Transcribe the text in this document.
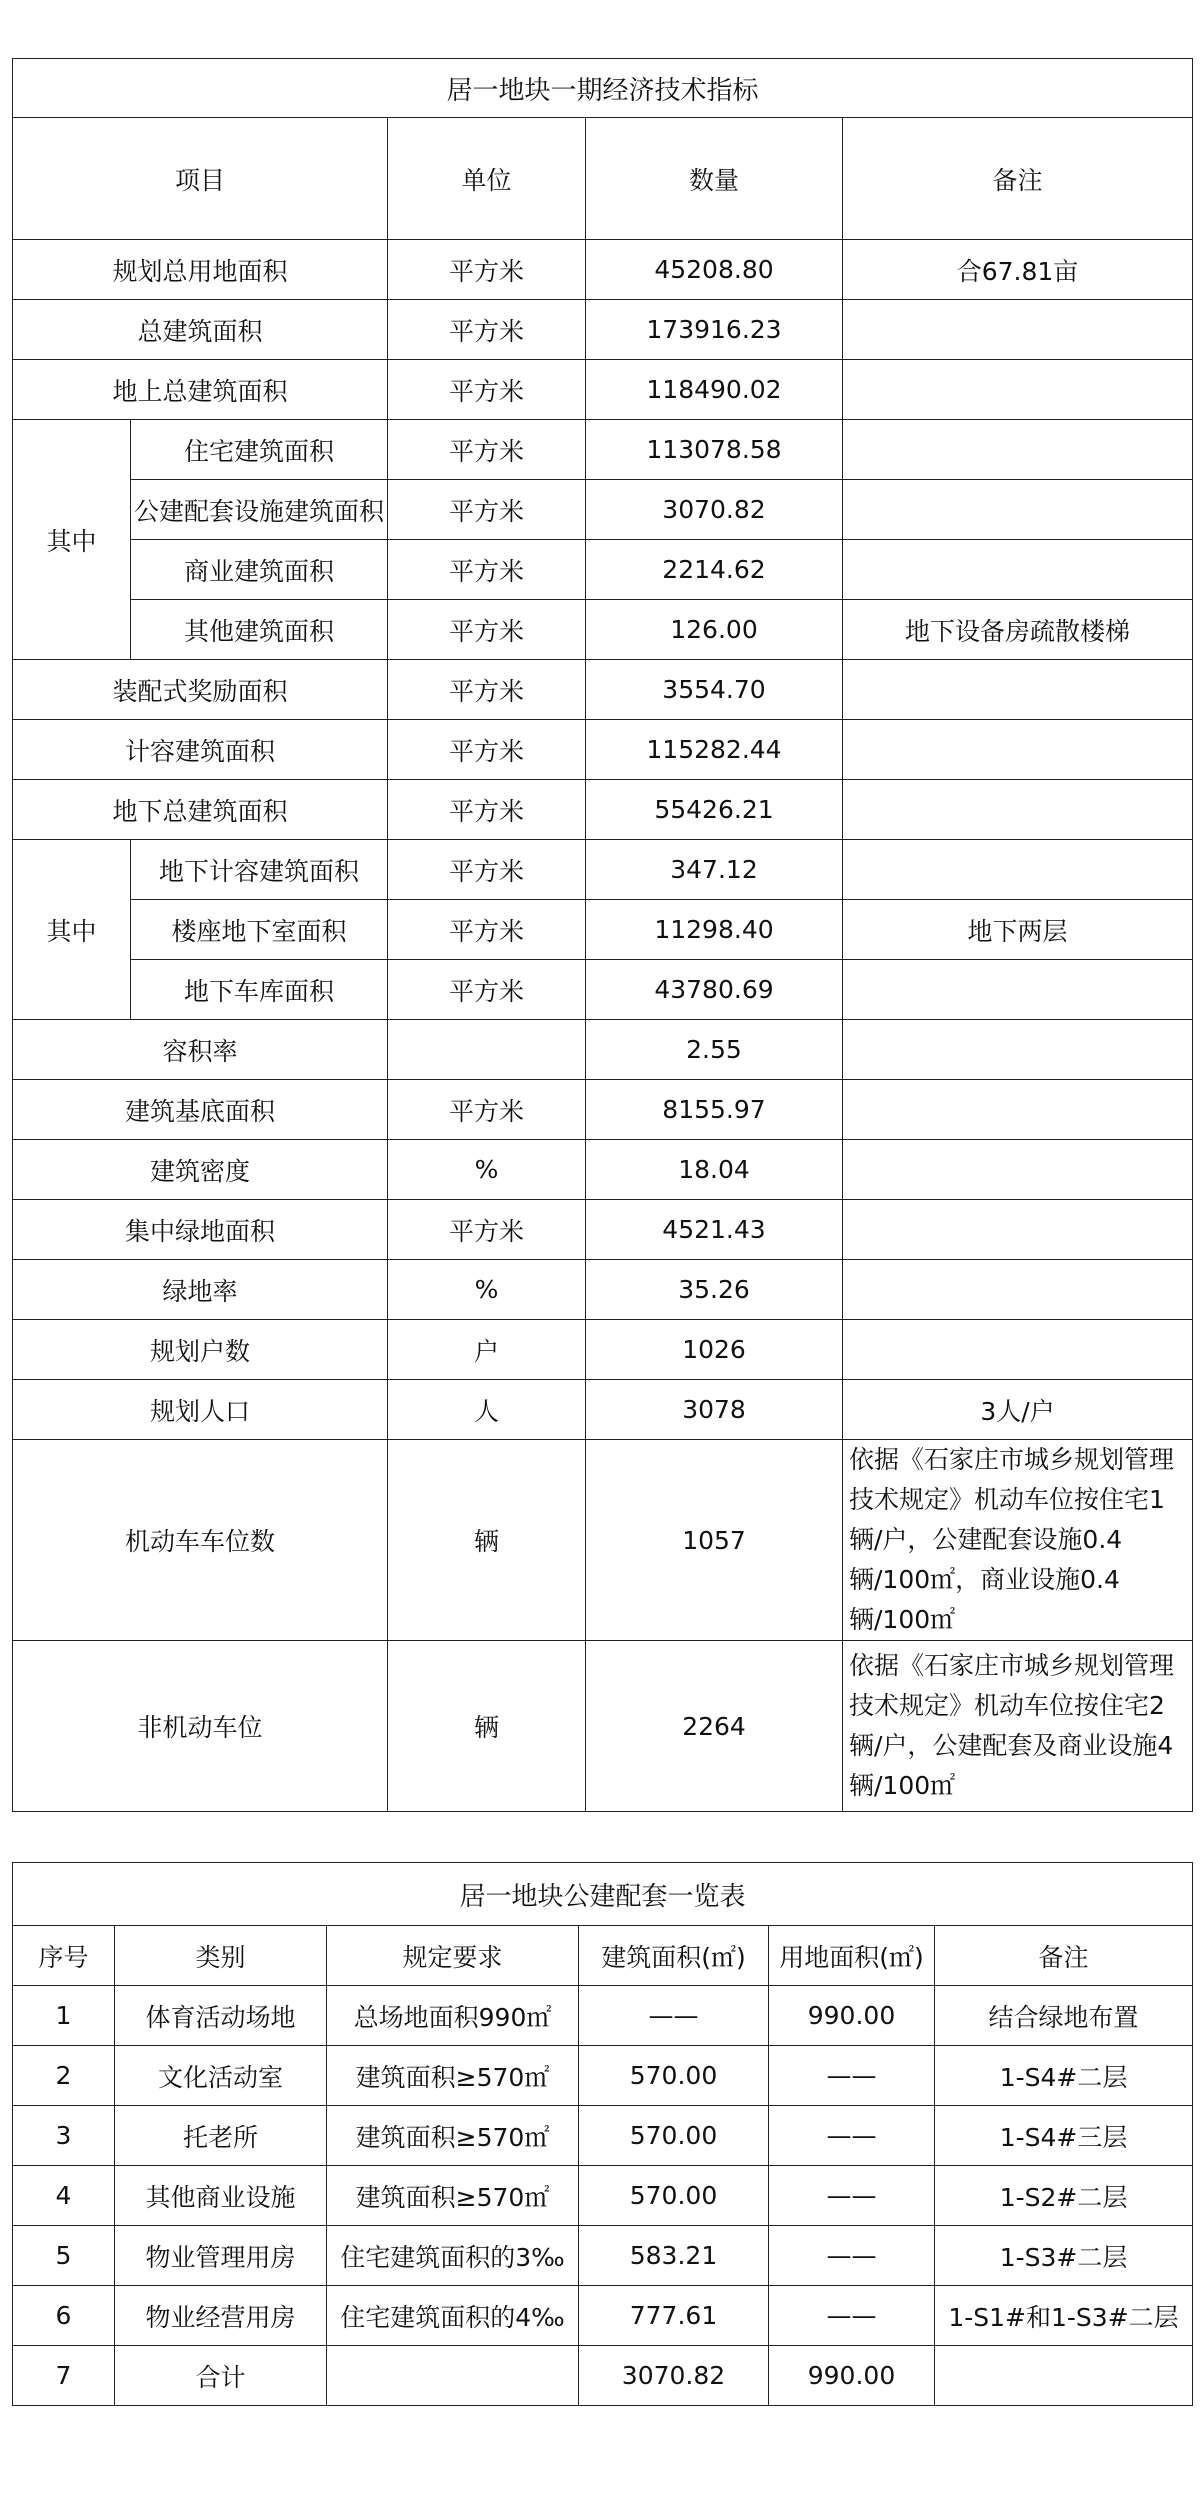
居一地块一期经济技术指标				
项目		单位	数量	备注
规划总用地面积		平方米	45208.80	合67.81亩
总建筑面积		平方米	173916.23	
地上总建筑面积		平方米	118490.02	
其中	住宅建筑面积	平方米	113078.58	
	公建配套设施建筑面积	平方米	3070.82	
	商业建筑面积	平方米	2214.62	
	其他建筑面积	平方米	126.00	地下设备房疏散楼梯
装配式奖励面积		平方米	3554.70	
计容建筑面积		平方米	115282.44	
地下总建筑面积		平方米	55426.21	
其中	地下计容建筑面积	平方米	347.12	
	楼座地下室面积	平方米	11298.40	地下两层
	地下车库面积	平方米	43780.69	
容积率			2.55	
建筑基底面积		平方米	8155.97	
建筑密度		%	18.04	
集中绿地面积		平方米	4521.43	
绿地率		%	35.26	
规划户数		户	1026	
规划人口		人	3078	3人/户
机动车车位数		辆	1057	依据《石家庄市城乡规划管理技术规定》机动车位按住宅1辆/户，公建配套设施0.4辆/100㎡，商业设施0.4辆/100㎡
非机动车位		辆	2264	依据《石家庄市城乡规划管理技术规定》机动车位按住宅2辆/户，公建配套及商业设施4辆/100㎡
居一地块公建配套一览表					
序号	类别	规定要求	建筑面积(㎡)	用地面积(㎡)	备注
1	体育活动场地	总场地面积990㎡	——	990.00	结合绿地布置
2	文化活动室	建筑面积≥570㎡	570.00	——	1-S4#二层
3	托老所	建筑面积≥570㎡	570.00	——	1-S4#三层
4	其他商业设施	建筑面积≥570㎡	570.00	——	1-S2#二层
5	物业管理用房	住宅建筑面积的3‰	583.21	——	1-S3#二层
6	物业经营用房	住宅建筑面积的4‰	777.61	——	1-S1#和1-S3#二层
7	合计		3070.82	990.00	
